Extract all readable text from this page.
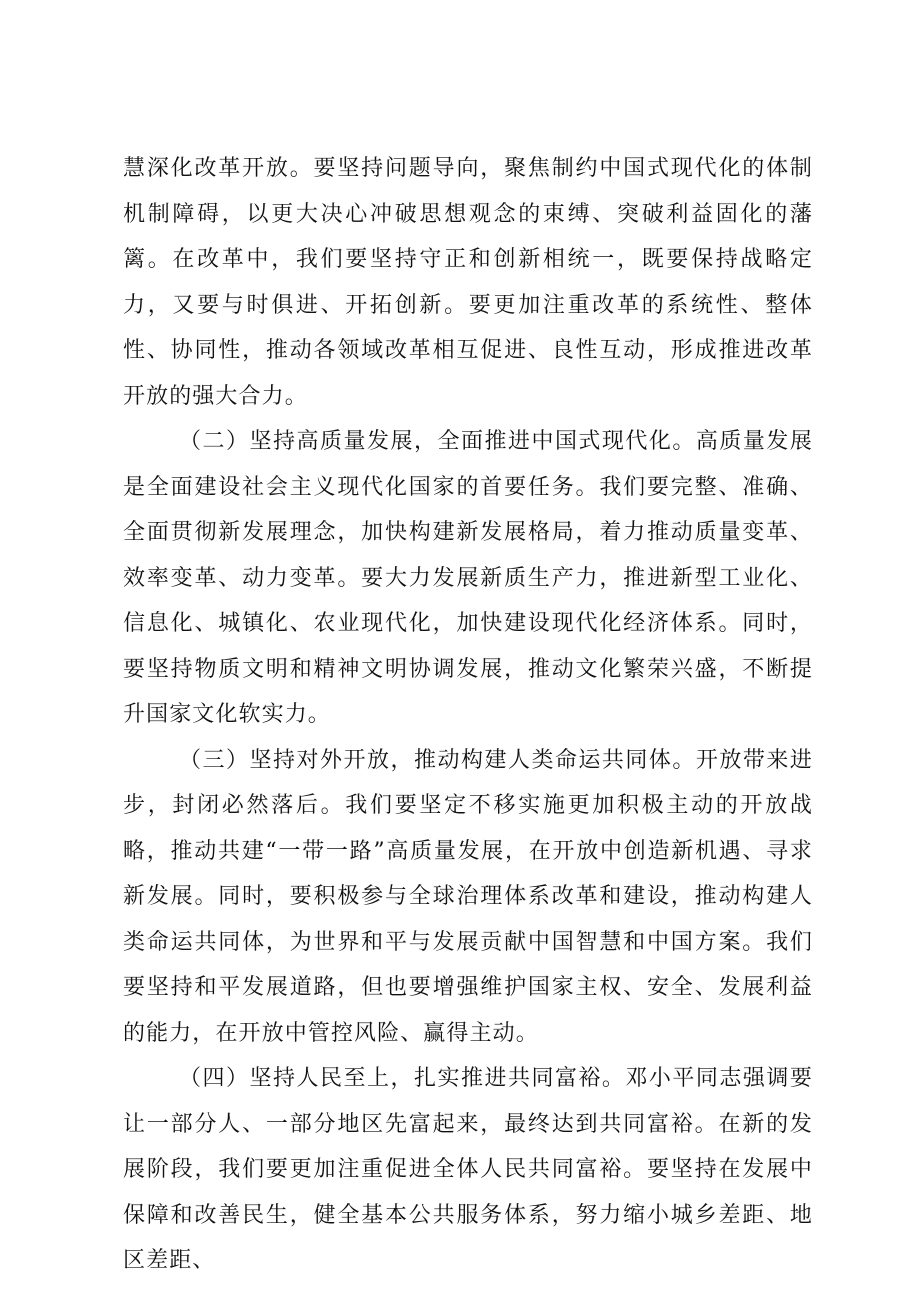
慧深化改革开放。要坚持问题导向，聚焦制约中国式现代化的体制机制障碍，以更大决心冲破思想观念的束缚、突破利益固化的藩篱。在改革中，我们要坚持守正和创新相统一，既要保持战略定力，又要与时俱进、开拓创新。要更加注重改革的系统性、整体性、协同性，推动各领域改革相互促进、良性互动，形成推进改革开放的强大合力。

（二）坚持高质量发展，全面推进中国式现代化。高质量发展是全面建设社会主义现代化国家的首要任务。我们要完整、准确、全面贯彻新发展理念，加快构建新发展格局，着力推动质量变革、效率变革、动力变革。要大力发展新质生产力，推进新型工业化、信息化、城镇化、农业现代化，加快建设现代化经济体系。同时，要坚持物质文明和精神文明协调发展，推动文化繁荣兴盛，不断提升国家文化软实力。

（三）坚持对外开放，推动构建人类命运共同体。开放带来进步，封闭必然落后。我们要坚定不移实施更加积极主动的开放战略，推动共建“一带一路”高质量发展，在开放中创造新机遇、寻求新发展。同时，要积极参与全球治理体系改革和建设，推动构建人类命运共同体，为世界和平与发展贡献中国智慧和中国方案。我们要坚持和平发展道路，但也要增强维护国家主权、安全、发展利益的能力，在开放中管控风险、赢得主动。

（四）坚持人民至上，扎实推进共同富裕。邓小平同志强调要让一部分人、一部分地区先富起来，最终达到共同富裕。在新的发展阶段，我们要更加注重促进全体人民共同富裕。要坚持在发展中保障和改善民生，健全基本公共服务体系，努力缩小城乡差距、地区差距、
